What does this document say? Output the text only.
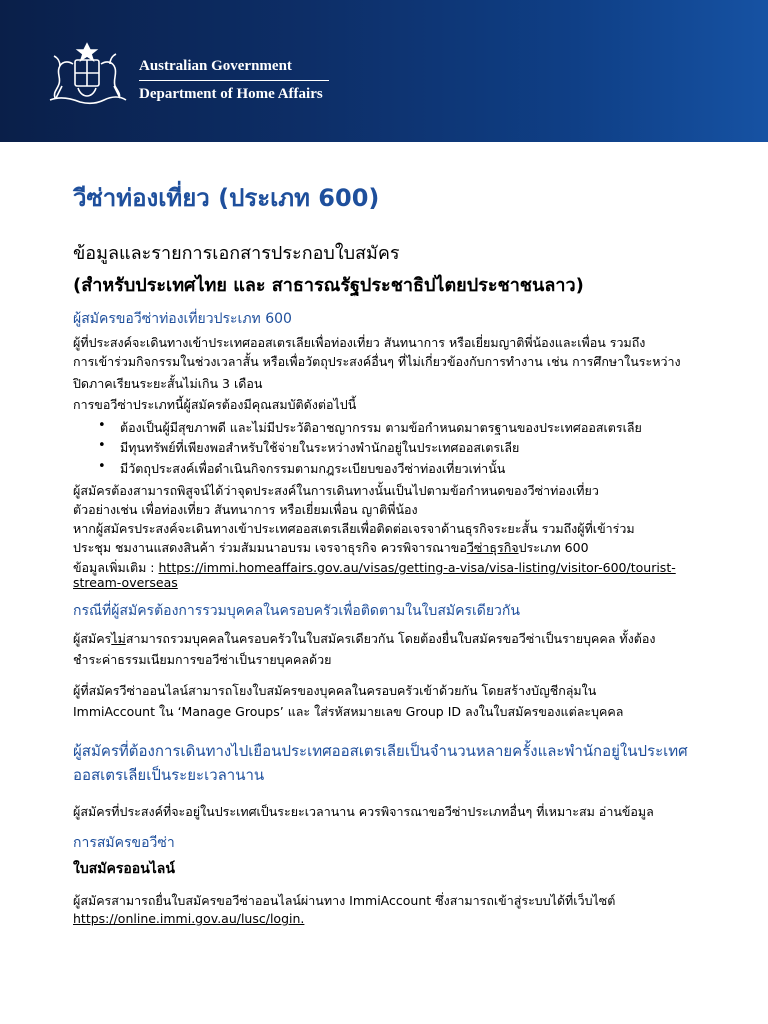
Australian Government
Department of Home Affairs
วีซ่าท่องเที่ยว (ประเภท 600)
ข้อมูลและรายการเอกสารประกอบใบสมัคร
(สำหรับประเทศไทย และ สาธารณรัฐประชาธิปไตยประชาชนลาว)
ผู้สมัครขอวีซ่าท่องเที่ยวประเภท 600
ผู้ที่ประสงค์จะเดินทางเข้าประเทศออสเตรเลียเพื่อท่องเที่ยว สันทนาการ หรือเยี่ยมญาติพี่น้องและเพื่อน รวมถึง
การเข้าร่วมกิจกรรมในช่วงเวลาสั้น หรือเพื่อวัตถุประสงค์อื่นๆ ที่ไม่เกี่ยวข้องกับการทำงาน เช่น การศึกษาในระหว่าง
ปิดภาคเรียนระยะสั้นไม่เกิน 3 เดือน
การขอวีซ่าประเภทนี้ผู้สมัครต้องมีคุณสมบัติดังต่อไปนี้
• ต้องเป็นผู้มีสุขภาพดี และไม่มีประวัติอาชญากรรม ตามข้อกำหนดมาตรฐานของประเทศออสเตรเลีย
• มีทุนทรัพย์ที่เพียงพอสำหรับใช้จ่ายในระหว่างพำนักอยู่ในประเทศออสเตรเลีย
• มีวัตถุประสงค์เพื่อดำเนินกิจกรรมตามกฎระเบียบของวีซ่าท่องเที่ยวเท่านั้น
ผู้สมัครต้องสามารถพิสูจน์ได้ว่าจุดประสงค์ในการเดินทางนั้นเป็นไปตามข้อกำหนดของวีซ่าท่องเที่ยว
ตัวอย่างเช่น เพื่อท่องเที่ยว สันทนาการ หรือเยี่ยมเพื่อน ญาติพี่น้อง
หากผู้สมัครประสงค์จะเดินทางเข้าประเทศออสเตรเลียเพื่อติดต่อเจรจาด้านธุรกิจระยะสั้น รวมถึงผู้ที่เข้าร่วม
ประชุม ชมงานแสดงสินค้า ร่วมสัมมนาอบรม เจรจาธุรกิจ ควรพิจารณาขอวีซ่าธุรกิจประเภท 600
ข้อมูลเพิ่มเติม : https://immi.homeaffairs.gov.au/visas/getting-a-visa/visa-listing/visitor-600/tourist-
stream-overseas
กรณีที่ผู้สมัครต้องการรวมบุคคลในครอบครัวเพื่อติดตามในใบสมัครเดียวกัน
ผู้สมัครไม่สามารถรวมบุคคลในครอบครัวในใบสมัครเดียวกัน โดยต้องยื่นใบสมัครขอวีซ่าเป็นรายบุคคล ทั้งต้อง
ชำระค่าธรรมเนียมการขอวีซ่าเป็นรายบุคคลด้วย
ผู้ที่สมัครวีซ่าออนไลน์สามารถโยงใบสมัครของบุคคลในครอบครัวเข้าด้วยกัน โดยสร้างบัญชีกลุ่มใน
ImmiAccount ใน ‘Manage Groups’ และ ใส่รหัสหมายเลข Group ID ลงในใบสมัครของแต่ละบุคคล
ผู้สมัครที่ต้องการเดินทางไปเยือนประเทศออสเตรเลียเป็นจำนวนหลายครั้งและพำนักอยู่ในประเทศ
ออสเตรเลียเป็นระยะเวลานาน
ผู้สมัครที่ประสงค์ที่จะอยู่ในประเทศเป็นระยะเวลานาน ควรพิจารณาขอวีซ่าประเภทอื่นๆ ที่เหมาะสม อ่านข้อมูล
การสมัครขอวีซ่า
ใบสมัครออนไลน์
ผู้สมัครสามารถยื่นใบสมัครขอวีซ่าออนไลน์ผ่านทาง ImmiAccount ซึ่งสามารถเข้าสู่ระบบได้ที่เว็บไซต์
https://online.immi.gov.au/lusc/login.
